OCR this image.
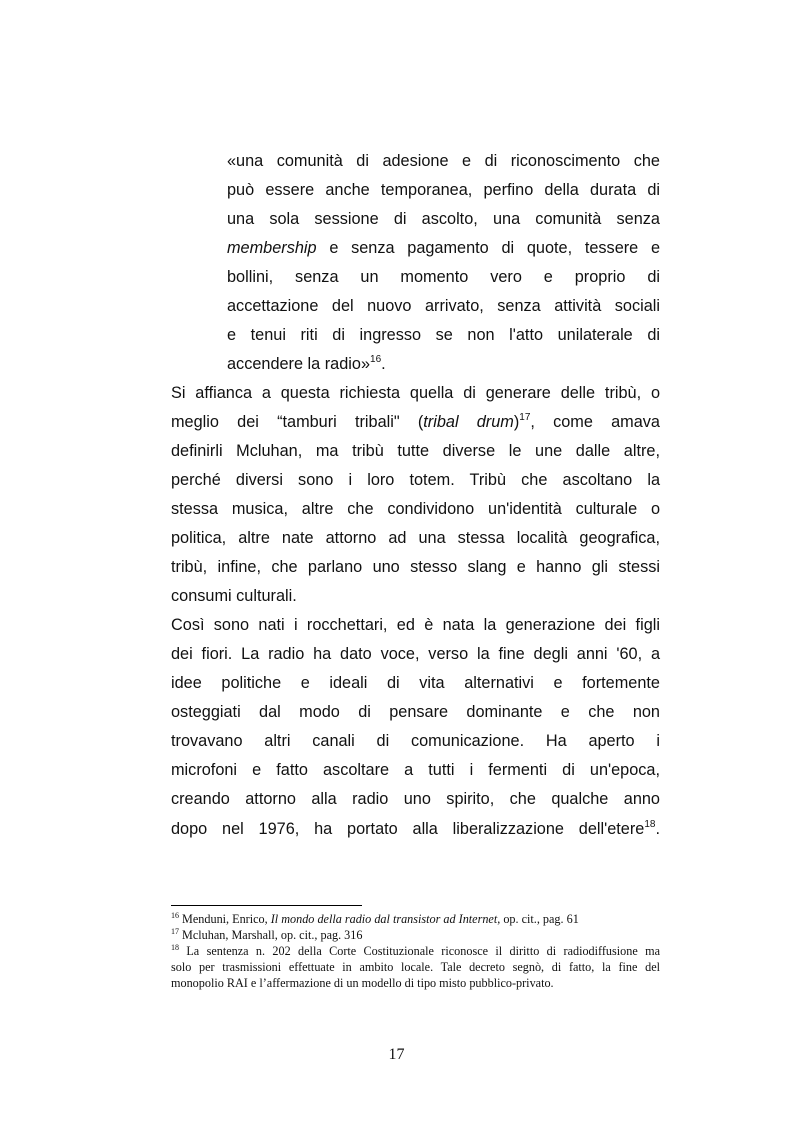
«una comunità di adesione e di riconoscimento che
può essere anche temporanea, perfino della durata di
una sola sessione di ascolto, una comunità senza
membership e senza pagamento di quote, tessere e
bollini, senza un momento vero e proprio di
accettazione del nuovo arrivato, senza attività sociali
e tenui riti di ingresso se non l'atto unilaterale di
accendere la radio»$^{16}$.
Si affianca a questa richiesta quella di generare delle tribù, o
meglio dei “tamburi tribali" (tribal drum)$^{17}$, come amava
definirli Mcluhan, ma tribù tutte diverse le une dalle altre,
perché diversi sono i loro totem. Tribù che ascoltano la
stessa musica, altre che condividono un'identità culturale o
politica, altre nate attorno ad una stessa località geografica,
tribù, infine, che parlano uno stesso slang e hanno gli stessi
consumi culturali.
Così sono nati i rocchettari, ed è nata la generazione dei figli
dei fiori. La radio ha dato voce, verso la fine degli anni '60, a
idee politiche e ideali di vita alternativi e fortemente
osteggiati dal modo di pensare dominante e che non
trovavano altri canali di comunicazione. Ha aperto i
microfoni e fatto ascoltare a tutti i fermenti di un'epoca,
creando attorno alla radio uno spirito, che qualche anno
dopo nel 1976, ha portato alla liberalizzazione dell'etere$^{18}$.
$^{16}$ Menduni, Enrico, Il mondo della radio dal transistor ad Internet, op. cit., pag. 61
$^{17}$ Mcluhan, Marshall, op. cit., pag. 316
$^{18}$ La sentenza n. 202 della Corte Costituzionale riconosce il diritto di radiodiffusione ma
solo per trasmissioni effettuate in ambito locale. Tale decreto segnò, di fatto, la fine del
monopolio RAI e l’affermazione di un modello di tipo misto pubblico-privato.
17
